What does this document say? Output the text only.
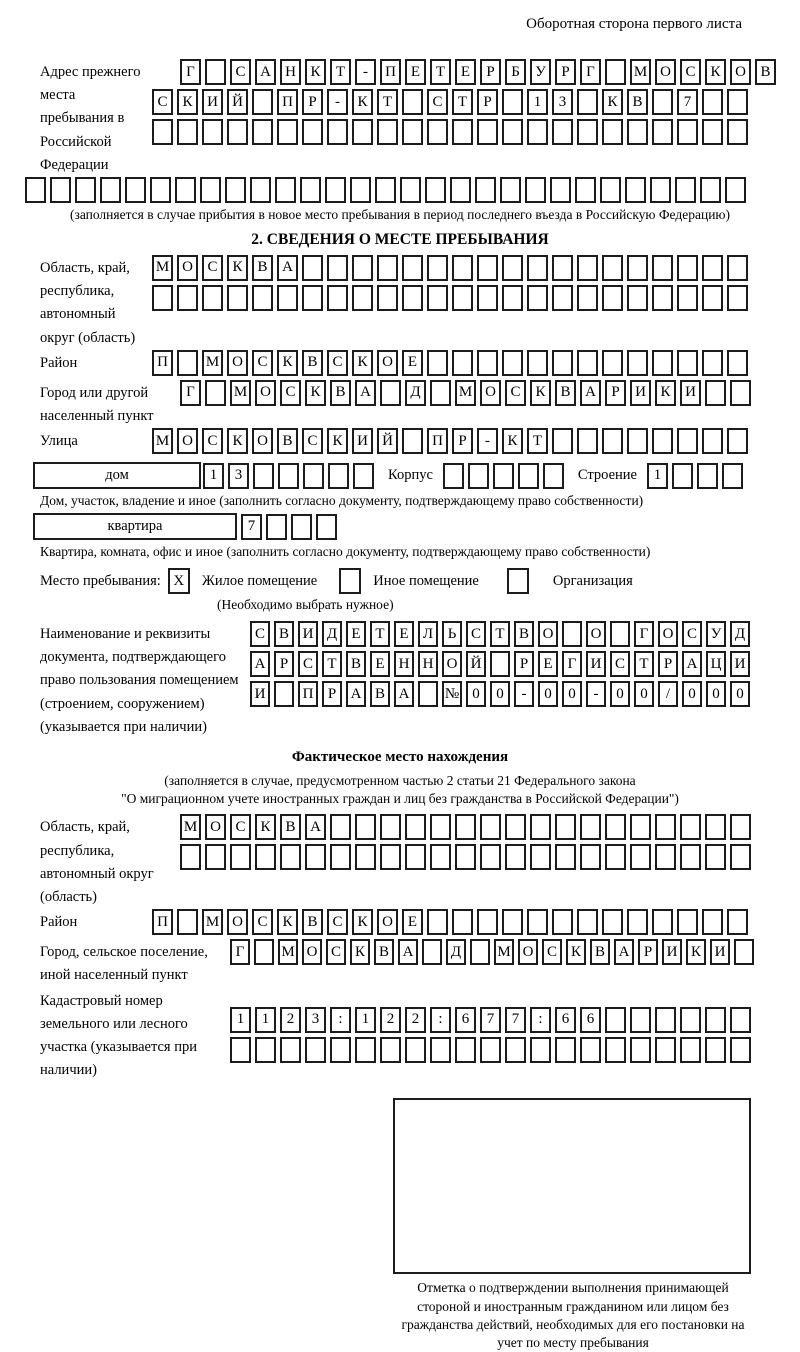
Оборотная сторона первого листа
Адрес прежнего места пребывания в Российской Федерации
Г	С А Н К	Т	-	П Е	Т	Е	Р	Б	У	Р	Г	М О С К О В
С К И Й	П	Р	-	К	Т	С	Т	Р	1	3	К В	7
(заполняется в случае прибытия в новое место пребывания в период последнего въезда в Российскую Федерацию)
2. СВЕДЕНИЯ О МЕСТЕ ПРЕБЫВАНИЯ
Область, край, республика, автономный округ (область)
М О С К В А
Район	П	М О С К В С К О Е
Город или другой населенный пункт
Г	М О С К В А	Д	М О С К В А	Р	И К И
Улица	М О С К О В С К И Й	П	Р	-	К	Т
дом	1	3	Корпус	Строение	1
Дом, участок, владение и иное (заполнить согласно документу, подтверждающему право собственности)
квартира	7
Квартира, комната, офис и иное (заполнить согласно документу, подтверждающему право собственности)
Место пребывания: X	Жилое помещение	Иное помещение	Организация
(Необходимо выбрать нужное)
Наименование и реквизиты документа, подтверждающего право пользования помещением (строением, сооружением) (указывается при наличии)
С В И Д Е Т Е Л Ь С Т В О	О	Г О С У Д
А Р С Т В Е Н Н О Й	Р	Е	Г И С Т	Р А Ц И
И	П Р А В А	№ 0	0	-	0	0	-	0	0	/	0	0	0
Фактическое место нахождения
(заполняется в случае, предусмотренном частью 2 статьи 21 Федерального закона
"О миграционном учете иностранных граждан и лиц без гражданства в Российской Федерации")
Область, край, республика, автономный округ (область)
М О С К В А
Район	П	М О С К В С К О Е
Город, сельское поселение, иной населенный пункт
Г	М О С К В А	Д	М О С К В А Р И К И
Кадастровый номер земельного или лесного участка (указывается при наличии)
1	1	2	3	:	1	2	2	:	6	7	7	:	6	6
Отметка о подтверждении выполнения принимающей стороной и иностранным гражданином или лицом без гражданства действий, необходимых для его постановки на учет по месту пребывания
